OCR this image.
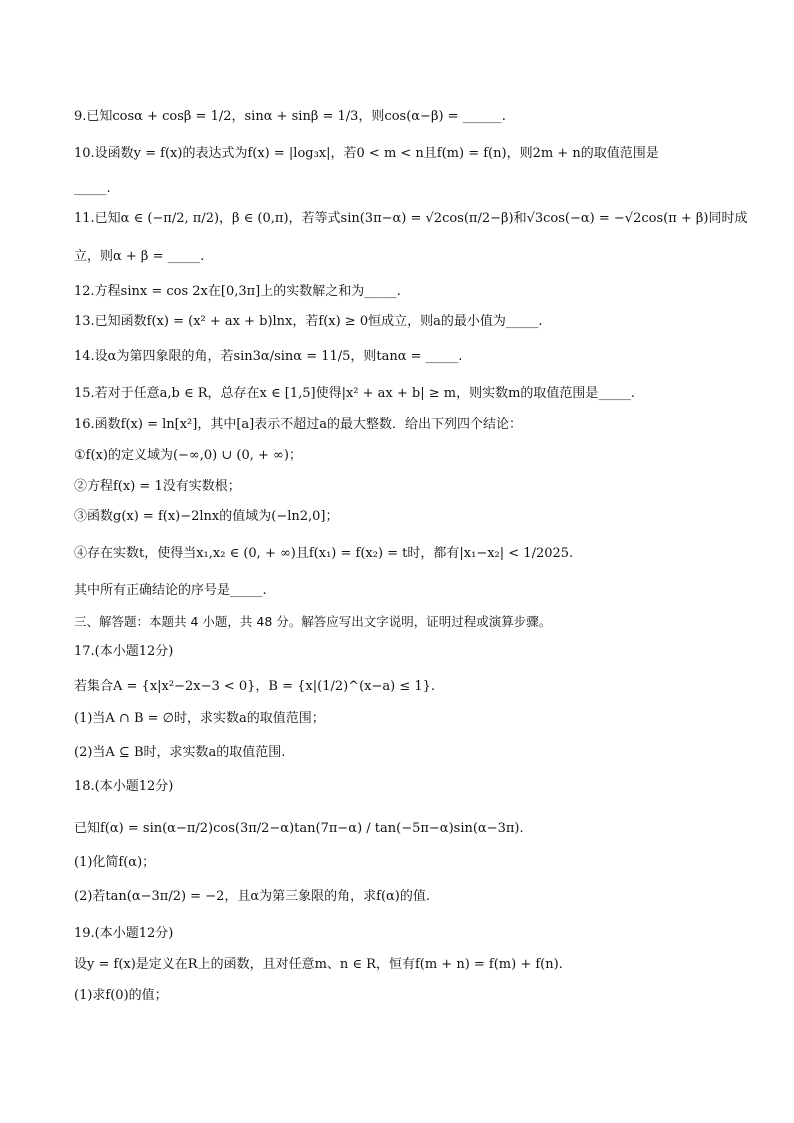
9.已知cosα + cosβ = 1/2，sinα + sinβ = 1/3，则cos(α−β) = ______.
10.设函数y = f(x)的表达式为f(x) = |log₃x|，若0 < m < n且f(m) = f(n)，则2m + n的取值范围是
_____.
11.已知α ∈ (−π/2, π/2)，β ∈ (0,π)，若等式sin(3π−α) = √2cos(π/2−β)和√3cos(−α) = −√2cos(π + β)同时成
立，则α + β = _____.
12.方程sinx = cos 2x在[0,3π]上的实数解之和为_____.
13.已知函数f(x) = (x² + ax + b)lnx，若f(x) ≥ 0恒成立，则a的最小值为_____.
14.设α为第四象限的角，若sin3α/sinα = 11/5，则tanα = _____.
15.若对于任意a,b ∈ R，总存在x ∈ [1,5]使得|x² + ax + b| ≥ m，则实数m的取值范围是_____.
16.函数f(x) = ln[x²]，其中[a]表示不超过a的最大整数．给出下列四个结论：
①f(x)的定义域为(−∞,0) ∪ (0, + ∞)；
②方程f(x) = 1没有实数根；
③函数g(x) = f(x)−2lnx的值域为(−ln2,0]；
④存在实数t，使得当x₁,x₂ ∈ (0, + ∞)且f(x₁) = f(x₂) = t时，都有|x₁−x₂| < 1/2025.
其中所有正确结论的序号是_____.
三、解答题：本题共 4 小题，共 48 分。解答应写出文字说明，证明过程或演算步骤。
17.(本小题12分)
若集合A = {x|x²−2x−3 < 0}，B = {x|(1/2)^(x−a) ≤ 1}.
(1)当A ∩ B = ∅时，求实数a的取值范围；
(2)当A ⊆ B时，求实数a的取值范围.
18.(本小题12分)
已知f(α) = sin(α−π/2)cos(3π/2−α)tan(7π−α) / tan(−5π−α)sin(α−3π).
(1)化简f(α)；
(2)若tan(α−3π/2) = −2，且α为第三象限的角，求f(α)的值.
19.(本小题12分)
设y = f(x)是定义在R上的函数，且对任意m、n ∈ R，恒有f(m + n) = f(m) + f(n).
(1)求f(0)的值；
